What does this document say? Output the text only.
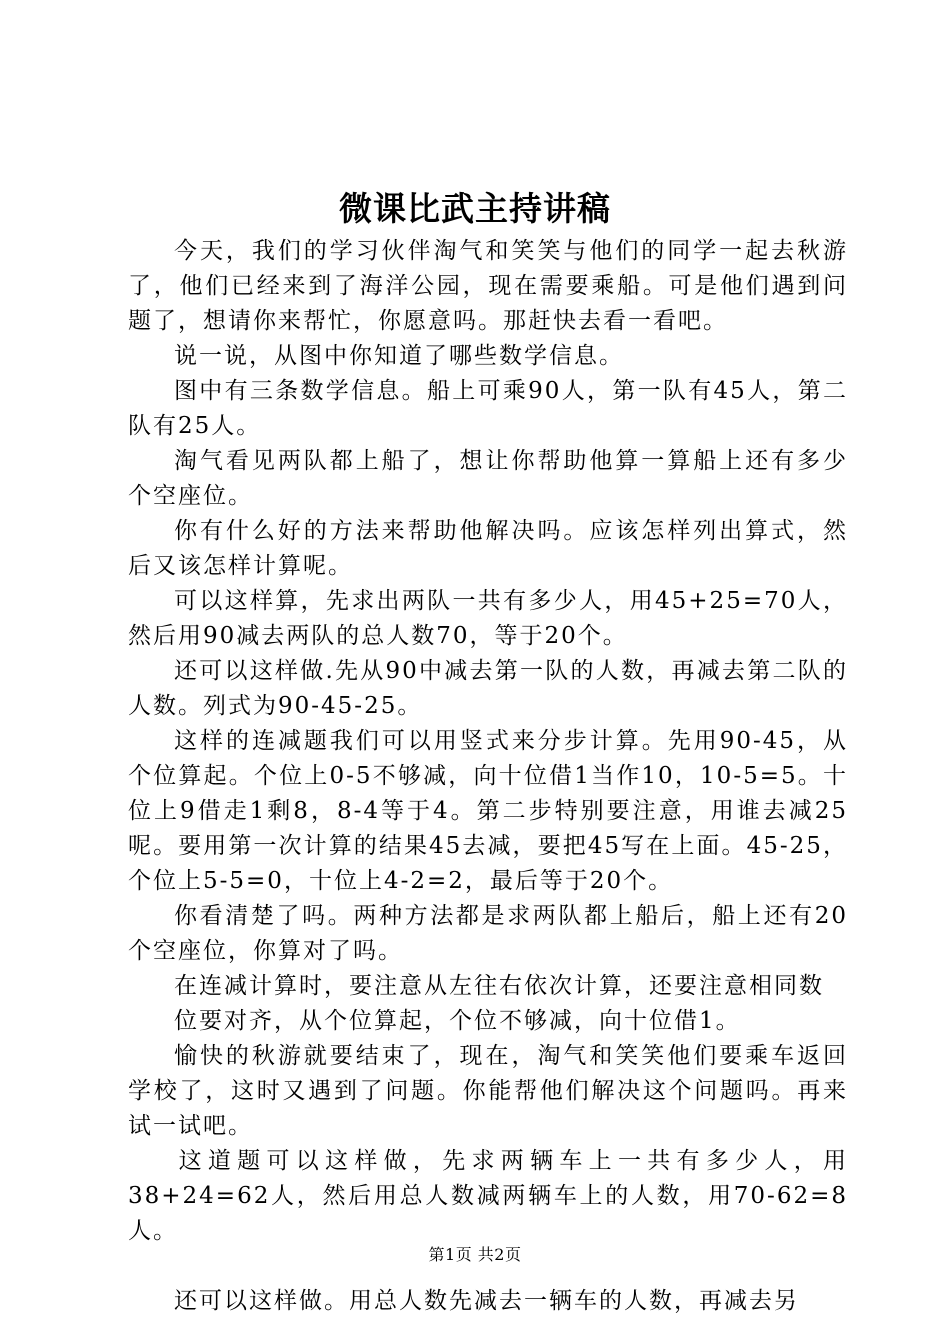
微课比武主持讲稿

今天，我们的学习伙伴淘气和笑笑与他们的同学一起去秋游了，他们已经来到了海洋公园，现在需要乘船。可是他们遇到问题了，想请你来帮忙，你愿意吗。那赶快去看一看吧。

说一说，从图中你知道了哪些数学信息。

图中有三条数学信息。船上可乘90人，第一队有45人，第二队有25人。

淘气看见两队都上船了，想让你帮助他算一算船上还有多少个空座位。

你有什么好的方法来帮助他解决吗。应该怎样列出算式，然后又该怎样计算呢。

可以这样算，先求出两队一共有多少人，用45+25=70人，然后用90减去两队的总人数70，等于20个。

还可以这样做.先从90中减去第一队的人数，再减去第二队的人数。列式为90-45-25。

这样的连减题我们可以用竖式来分步计算。先用90-45，从个位算起。个位上0-5不够减，向十位借1当作10，10-5=5。十位上9借走1剩8，8-4等于4。第二步特别要注意，用谁去减25呢。要用第一次计算的结果45去减，要把45写在上面。45-25，个位上5-5=0，十位上4-2=2，最后等于20个。

你看清楚了吗。两种方法都是求两队都上船后，船上还有20个空座位，你算对了吗。

在连减计算时，要注意从左往右依次计算，还要注意相同数

位要对齐，从个位算起，个位不够减，向十位借1。

愉快的秋游就要结束了，现在，淘气和笑笑他们要乘车返回学校了，这时又遇到了问题。你能帮他们解决这个问题吗。再来试一试吧。

这道题可以这样做，先求两辆车上一共有多少人，用38+24=62人，然后用总人数减两辆车上的人数，用70-62=8人。

还可以这样做。用总人数先减去一辆车的人数，再减去另

第1页 共2页
